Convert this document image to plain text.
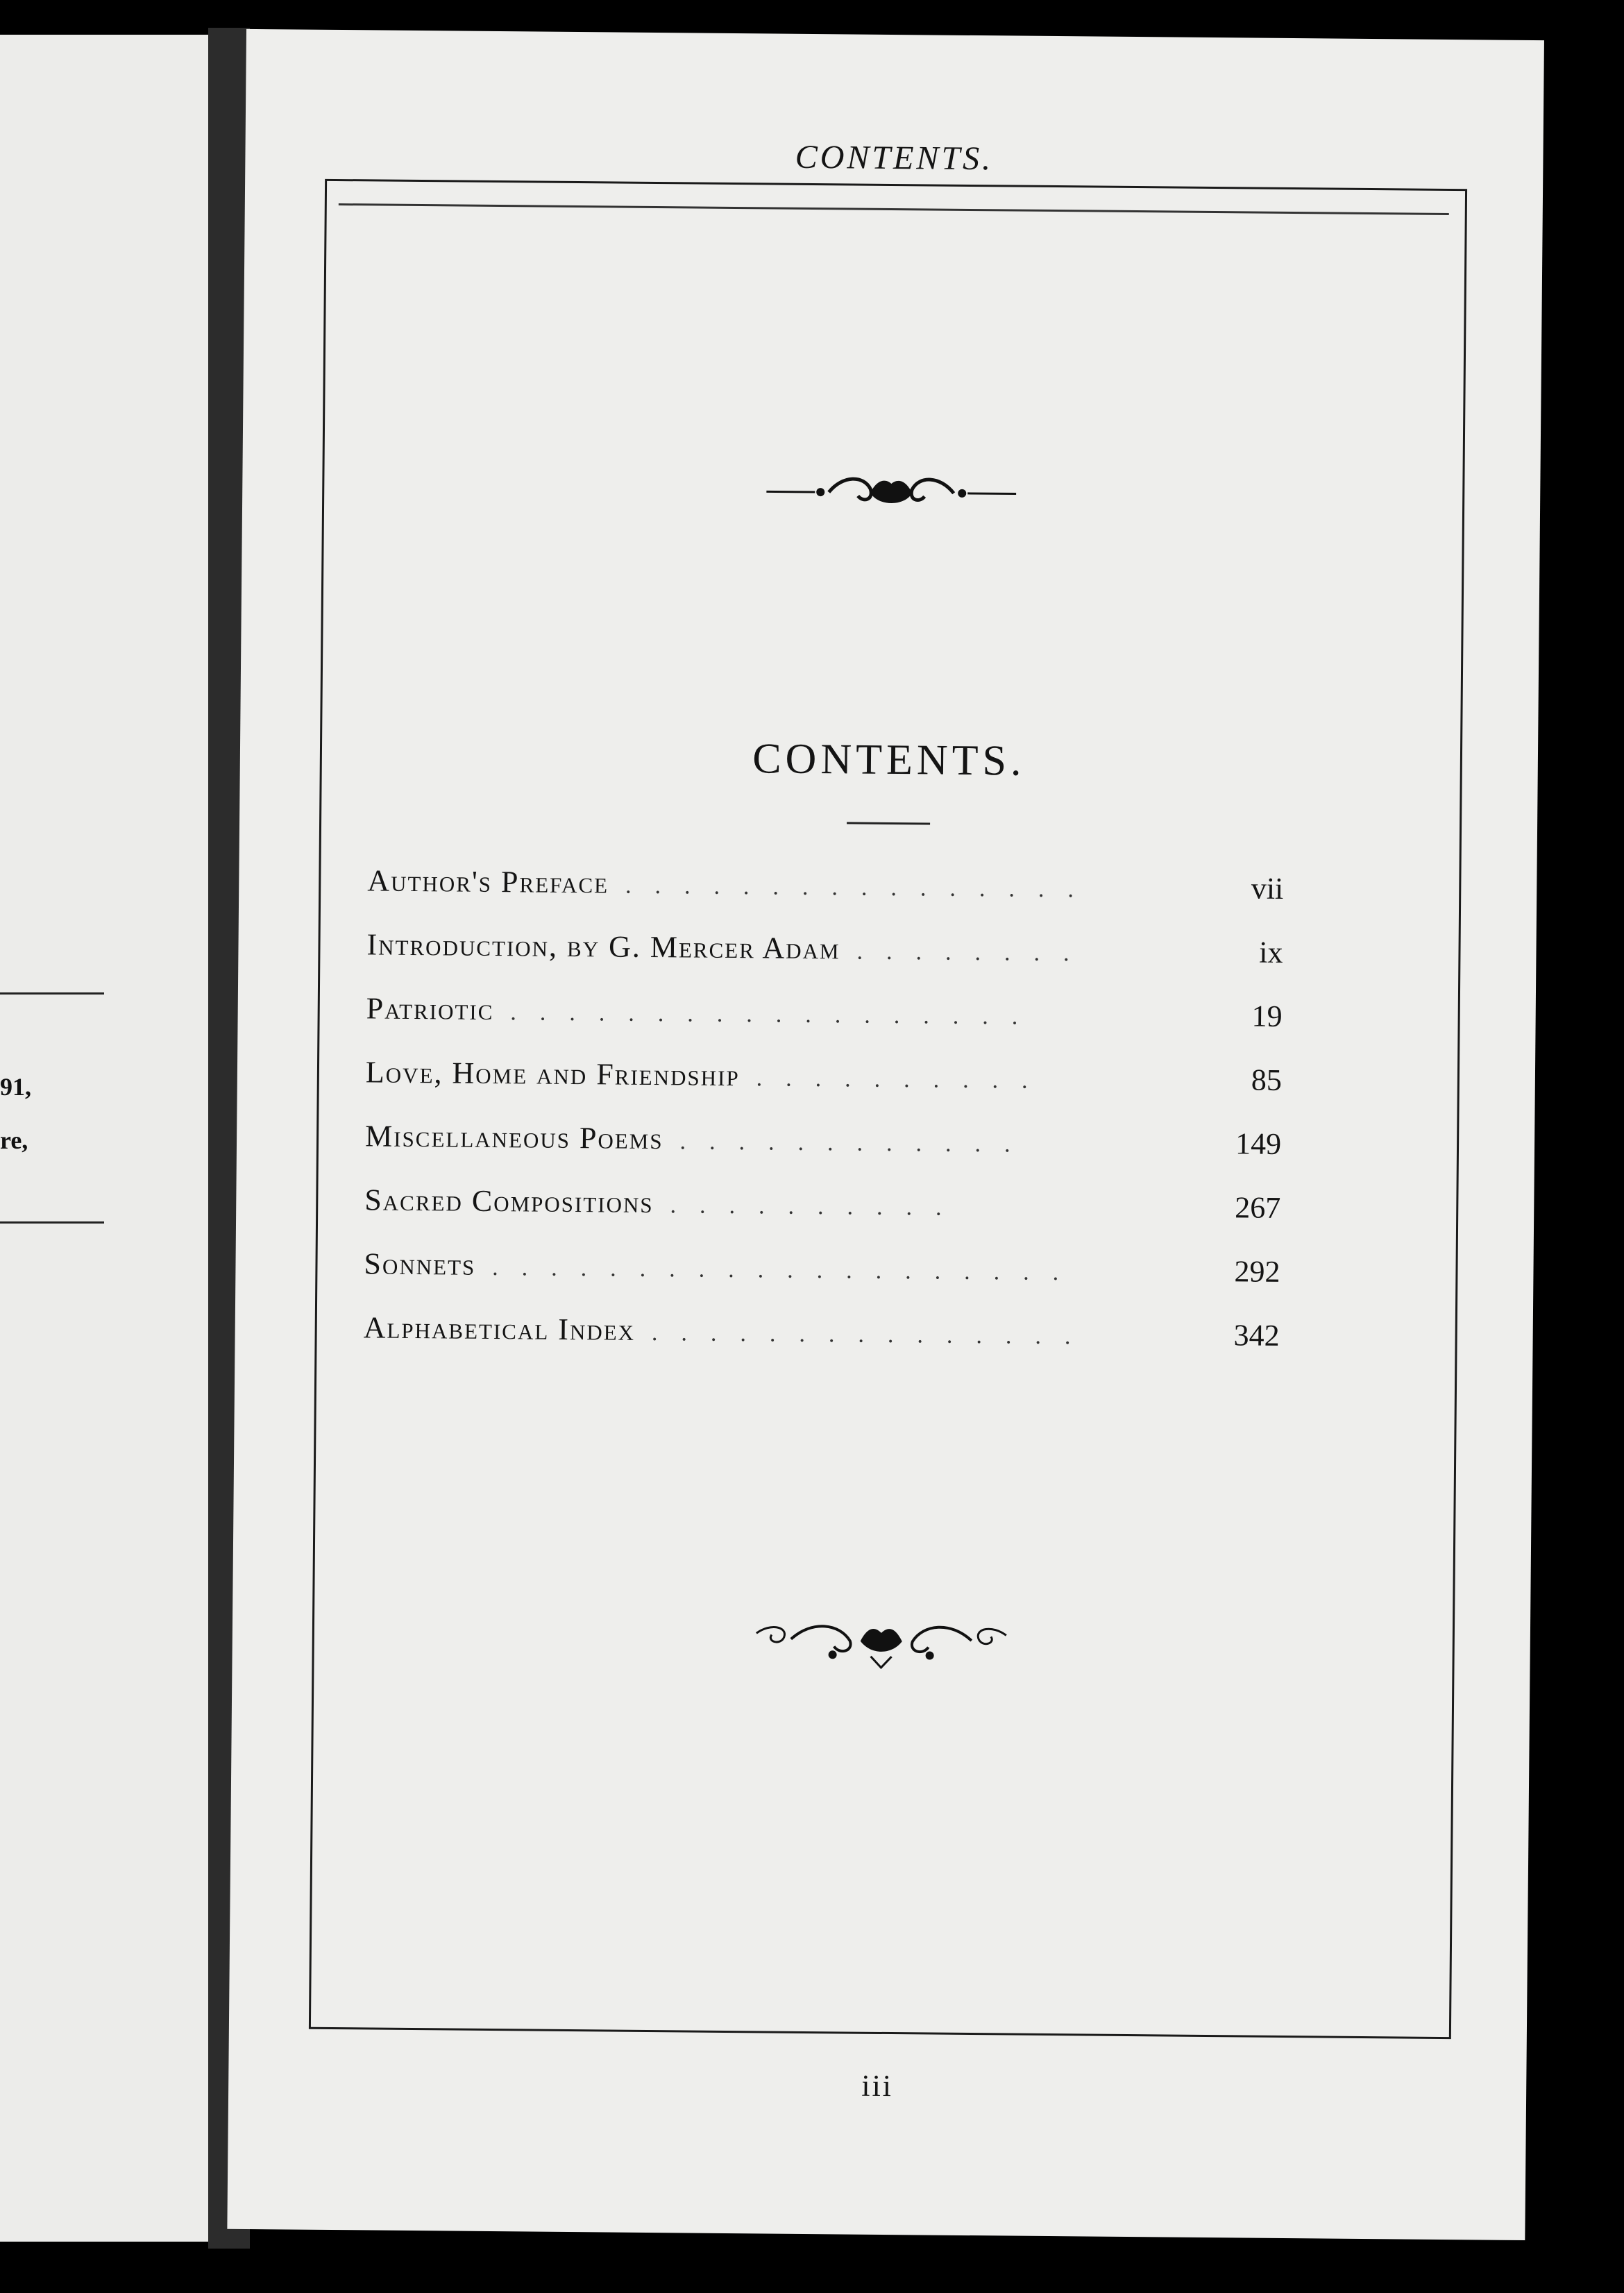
91,
re,
CONTENTS.
CONTENTS.
Author's Preface ................	vii
Introduction, by G. Mercer Adam ........	ix
Patriotic ..................	19
Love, Home and Friendship ..........	85
Miscellaneous Poems ............	149
Sacred Compositions ..........	267
Sonnets ....................	292
Alphabetical Index ...............	342
iii
